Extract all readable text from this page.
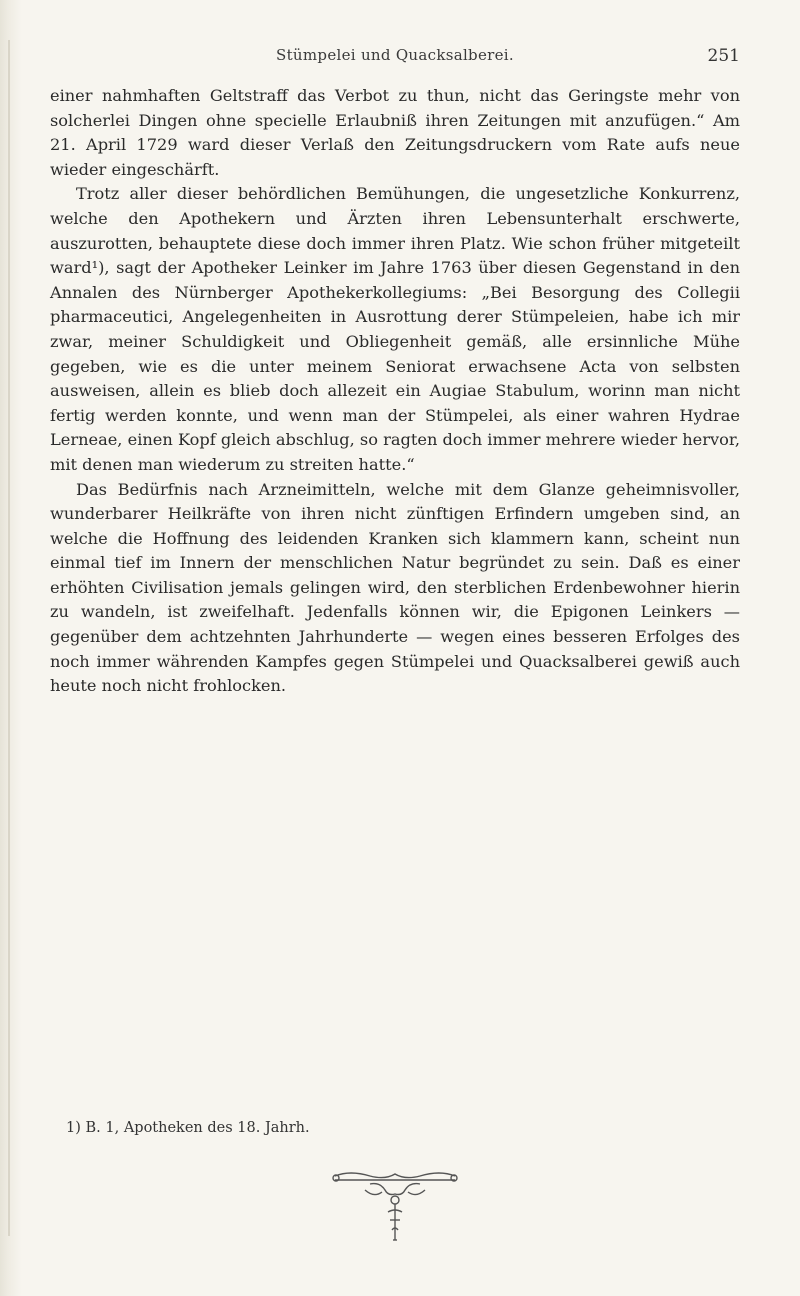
Stümpelei und Quacksalberei.	251

einer nahmhaften Geltstraff das Verbot zu thun, nicht das Geringste mehr von solcherlei Dingen ohne specielle Erlaubniß ihren Zeitungen mit anzufügen.“ Am 21. April 1729 ward dieser Verlaß den Zeitungsdruckern vom Rate aufs neue wieder eingeschärft.

Trotz aller dieser behördlichen Bemühungen, die ungesetzliche Konkurrenz, welche den Apothekern und Ärzten ihren Lebensunterhalt erschwerte, auszurotten, behauptete diese doch immer ihren Platz. Wie schon früher mitgeteilt ward¹), sagt der Apotheker Leinker im Jahre 1763 über diesen Gegenstand in den Annalen des Nürnberger Apothekerkollegiums: „Bei Besorgung des Collegii pharmaceutici, Angelegenheiten in Ausrottung derer Stümpeleien, habe ich mir zwar, meiner Schuldigkeit und Obliegenheit gemäß, alle ersinnliche Mühe gegeben, wie es die unter meinem Seniorat erwachsene Acta von selbsten ausweisen, allein es blieb doch allezeit ein Augiae Stabulum, worinn man nicht fertig werden konnte, und wenn man der Stümpelei, als einer wahren Hydrae Lerneae, einen Kopf gleich abschlug, so ragten doch immer mehrere wieder hervor, mit denen man wiederum zu streiten hatte.“

Das Bedürfnis nach Arzneimitteln, welche mit dem Glanze geheimnisvoller, wunderbarer Heilkräfte von ihren nicht zünftigen Erfindern umgeben sind, an welche die Hoffnung des leidenden Kranken sich klammern kann, scheint nun einmal tief im Innern der menschlichen Natur begründet zu sein. Daß es einer erhöhten Civilisation jemals gelingen wird, den sterblichen Erdenbewohner hierin zu wandeln, ist zweifelhaft. Jedenfalls können wir, die Epigonen Leinkers — gegenüber dem achtzehnten Jahrhunderte — wegen eines besseren Erfolges des noch immer währenden Kampfes gegen Stümpelei und Quacksalberei gewiß auch heute noch nicht frohlocken.

1) B. 1, Apotheken des 18. Jahrh.
